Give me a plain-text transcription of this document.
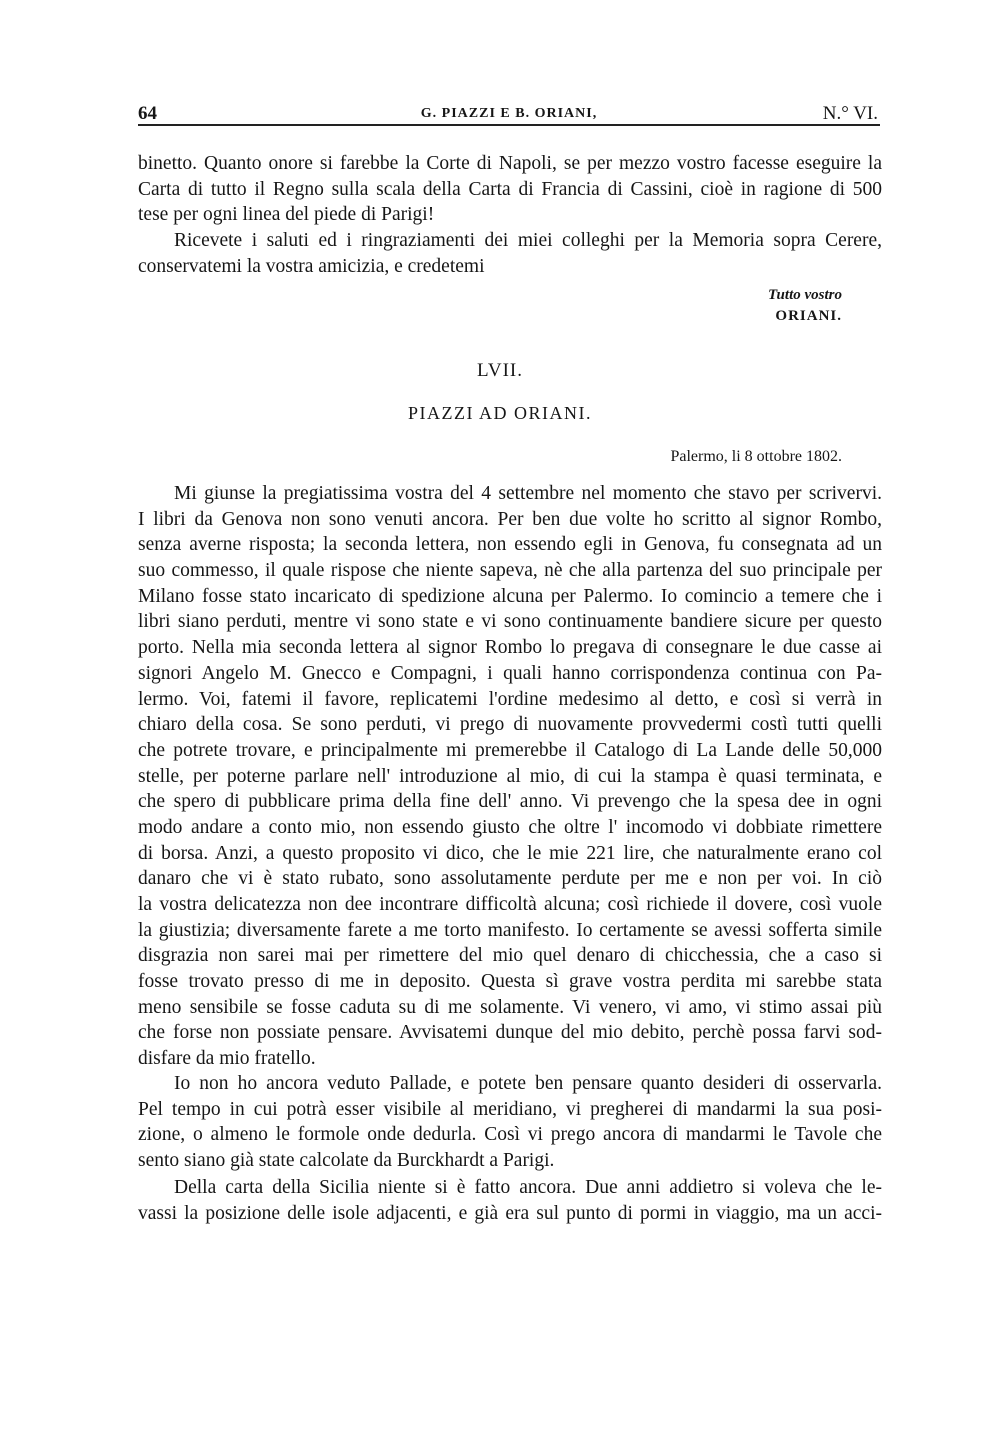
64	G. PIAZZI E B. ORIANI,	N.° VI.
binetto. Quanto onore si farebbe la Corte di Napoli, se per mezzo vostro facesse eseguire la
Carta di tutto il Regno sulla scala della Carta di Francia di Cassini, cioè in ragione di 500
tese per ogni linea del piede di Parigi!
Ricevete i saluti ed i ringraziamenti dei miei colleghi per la Memoria sopra Cerere,
conservatemi la vostra amicizia, e credetemi
Tutto vostro
ORIANI.
LVII.
PIAZZI AD ORIANI.
Palermo, li 8 ottobre 1802.
Mi giunse la pregiatissima vostra del 4 settembre nel momento che stavo per scrivervi.
I libri da Genova non sono venuti ancora. Per ben due volte ho scritto al signor Rombo,
senza averne risposta; la seconda lettera, non essendo egli in Genova, fu consegnata ad un
suo commesso, il quale rispose che niente sapeva, nè che alla partenza del suo principale per
Milano fosse stato incaricato di spedizione alcuna per Palermo. Io comincio a temere che i
libri siano perduti, mentre vi sono state e vi sono continuamente bandiere sicure per questo
porto. Nella mia seconda lettera al signor Rombo lo pregava di consegnare le due casse ai
signori Angelo M. Gnecco e Compagni, i quali hanno corrispondenza continua con Pa-
lermo. Voi, fatemi il favore, replicatemi l'ordine medesimo al detto, e così si verrà in
chiaro della cosa. Se sono perduti, vi prego di nuovamente provvedermi costì tutti quelli
che potrete trovare, e principalmente mi premerebbe il Catalogo di La Lande delle 50,000
stelle, per poterne parlare nell' introduzione al mio, di cui la stampa è quasi terminata, e
che spero di pubblicare prima della fine dell' anno. Vi prevengo che la spesa dee in ogni
modo andare a conto mio, non essendo giusto che oltre l' incomodo vi dobbiate rimettere
di borsa. Anzi, a questo proposito vi dico, che le mie 221 lire, che naturalmente erano col
danaro che vi è stato rubato, sono assolutamente perdute per me e non per voi. In ciò
la vostra delicatezza non dee incontrare difficoltà alcuna; così richiede il dovere, così vuole
la giustizia; diversamente farete a me torto manifesto. Io certamente se avessi sofferta simile
disgrazia non sarei mai per rimettere del mio quel denaro di chicchessia, che a caso si
fosse trovato presso di me in deposito. Questa sì grave vostra perdita mi sarebbe stata
meno sensibile se fosse caduta su di me solamente. Vi venero, vi amo, vi stimo assai più
che forse non possiate pensare. Avvisatemi dunque del mio debito, perchè possa farvi sod-
disfare da mio fratello.
Io non ho ancora veduto Pallade, e potete ben pensare quanto desideri di osservarla.
Pel tempo in cui potrà esser visibile al meridiano, vi pregherei di mandarmi la sua posi-
zione, o almeno le formole onde dedurla. Così vi prego ancora di mandarmi le Tavole che
sento siano già state calcolate da Burckhardt a Parigi.
Della carta della Sicilia niente si è fatto ancora. Due anni addietro si voleva che le-
vassi la posizione delle isole adjacenti, e già era sul punto di pormi in viaggio, ma un acci-
